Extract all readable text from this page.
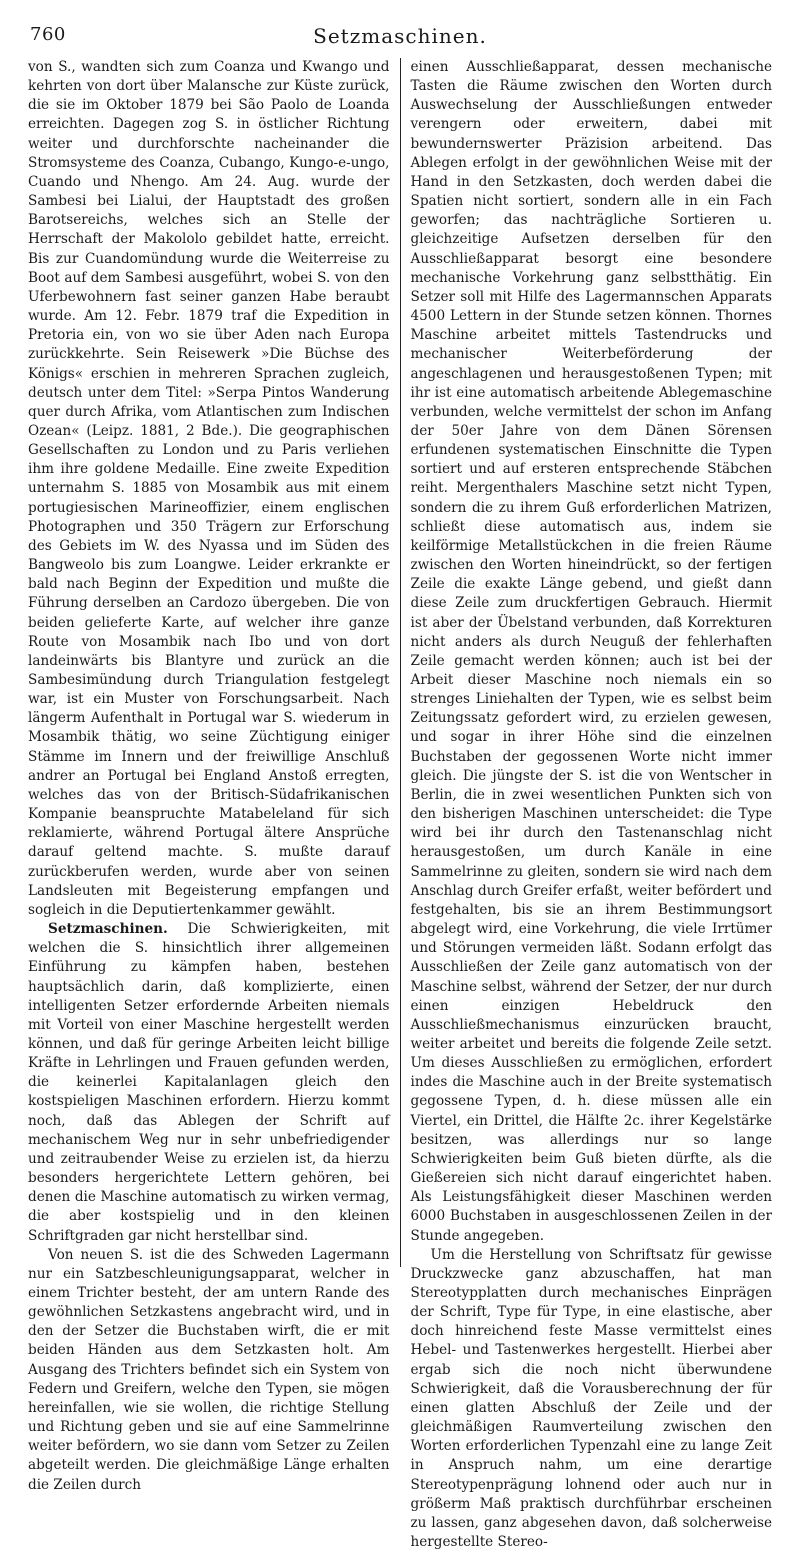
760	Setzmaschinen.

von S., wandten sich zum Coanza und Kwango und kehrten von dort über Malansche zur Küste zurück, die sie im Oktober 1879 bei São Paolo de Loanda erreichten. Dagegen zog S. in östlicher Richtung weiter und durchforschte nacheinander die Stromsysteme des Coanza, Cubango, Kungo-e-ungo, Cuando und Nhengo. Am 24. Aug. wurde der Sambesi bei Lialui, der Hauptstadt des großen Barotsereichs, welches sich an Stelle der Herrschaft der Makololo gebildet hatte, erreicht. Bis zur Cuandomündung wurde die Weiterreise zu Boot auf dem Sambesi ausgeführt, wobei S. von den Uferbewohnern fast seiner ganzen Habe beraubt wurde. Am 12. Febr. 1879 traf die Expedition in Pretoria ein, von wo sie über Aden nach Europa zurückkehrte. Sein Reisewerk »Die Büchse des Königs« erschien in mehreren Sprachen zugleich, deutsch unter dem Titel: »Serpa Pintos Wanderung quer durch Afrika, vom Atlantischen zum Indischen Ozean« (Leipz. 1881, 2 Bde.). Die geographischen Gesellschaften zu London und zu Paris verliehen ihm ihre goldene Medaille. Eine zweite Expedition unternahm S. 1885 von Mosambik aus mit einem portugiesischen Marineoffizier, einem englischen Photographen und 350 Trägern zur Erforschung des Gebiets im W. des Nyassa und im Süden des Bangweolo bis zum Loangwe. Leider erkrankte er bald nach Beginn der Expedition und mußte die Führung derselben an Cardozo übergeben. Die von beiden gelieferte Karte, auf welcher ihre ganze Route von Mosambik nach Ibo und von dort landeinwärts bis Blantyre und zurück an die Sambesimündung durch Triangulation festgelegt war, ist ein Muster von Forschungsarbeit. Nach längerm Aufenthalt in Portugal war S. wiederum in Mosambik thätig, wo seine Züchtigung einiger Stämme im Innern und der freiwillige Anschluß andrer an Portugal bei England Anstoß erregten, welches das von der Britisch-Südafrikanischen Kompanie beanspruchte Matabeleland für sich reklamierte, während Portugal ältere Ansprüche darauf geltend machte. S. mußte darauf zurückberufen werden, wurde aber von seinen Landsleuten mit Begeisterung empfangen und sogleich in die Deputiertenkammer gewählt.

Setzmaschinen. Die Schwierigkeiten, mit welchen die S. hinsichtlich ihrer allgemeinen Einführung zu kämpfen haben, bestehen hauptsächlich darin, daß komplizierte, einen intelligenten Setzer erfordernde Arbeiten niemals mit Vorteil von einer Maschine hergestellt werden können, und daß für geringe Arbeiten leicht billige Kräfte in Lehrlingen und Frauen gefunden werden, die keinerlei Kapitalanlagen gleich den kostspieligen Maschinen erfordern. Hierzu kommt noch, daß das Ablegen der Schrift auf mechanischem Weg nur in sehr unbefriedigender und zeitraubender Weise zu erzielen ist, da hierzu besonders hergerichtete Lettern gehören, bei denen die Maschine automatisch zu wirken vermag, die aber kostspielig und in den kleinen Schriftgraden gar nicht herstellbar sind.

Von neuen S. ist die des Schweden Lagermann nur ein Satzbeschleunigungsapparat, welcher in einem Trichter besteht, der am untern Rande des gewöhnlichen Setzkastens angebracht wird, und in den der Setzer die Buchstaben wirft, die er mit beiden Händen aus dem Setzkasten holt. Am Ausgang des Trichters befindet sich ein System von Federn und Greifern, welche den Typen, sie mögen hereinfallen, wie sie wollen, die richtige Stellung und Richtung geben und sie auf eine Sammelrinne weiter befördern, wo sie dann vom Setzer zu Zeilen abgeteilt werden. Die gleichmäßige Länge erhalten die Zeilen durch

einen Ausschließapparat, dessen mechanische Tasten die Räume zwischen den Worten durch Auswechselung der Ausschließungen entweder verengern oder erweitern, dabei mit bewundernswerter Präzision arbeitend. Das Ablegen erfolgt in der gewöhnlichen Weise mit der Hand in den Setzkasten, doch werden dabei die Spatien nicht sortiert, sondern alle in ein Fach geworfen; das nachträgliche Sortieren u. gleichzeitige Aufsetzen derselben für den Ausschließapparat besorgt eine besondere mechanische Vorkehrung ganz selbstthätig. Ein Setzer soll mit Hilfe des Lagermannschen Apparats 4500 Lettern in der Stunde setzen können. Thornes Maschine arbeitet mittels Tastendrucks und mechanischer Weiterbeförderung der angeschlagenen und herausgestoßenen Typen; mit ihr ist eine automatisch arbeitende Ablegemaschine verbunden, welche vermittelst der schon im Anfang der 50er Jahre von dem Dänen Sörensen erfundenen systematischen Einschnitte die Typen sortiert und auf ersteren entsprechende Stäbchen reiht. Mergenthalers Maschine setzt nicht Typen, sondern die zu ihrem Guß erforderlichen Matrizen, schließt diese automatisch aus, indem sie keilförmige Metallstückchen in die freien Räume zwischen den Worten hineindrückt, so der fertigen Zeile die exakte Länge gebend, und gießt dann diese Zeile zum druckfertigen Gebrauch. Hiermit ist aber der Übelstand verbunden, daß Korrekturen nicht anders als durch Neuguß der fehlerhaften Zeile gemacht werden können; auch ist bei der Arbeit dieser Maschine noch niemals ein so strenges Liniehalten der Typen, wie es selbst beim Zeitungssatz gefordert wird, zu erzielen gewesen, und sogar in ihrer Höhe sind die einzelnen Buchstaben der gegossenen Worte nicht immer gleich. Die jüngste der S. ist die von Wentscher in Berlin, die in zwei wesentlichen Punkten sich von den bisherigen Maschinen unterscheidet: die Type wird bei ihr durch den Tastenanschlag nicht herausgestoßen, um durch Kanäle in eine Sammelrinne zu gleiten, sondern sie wird nach dem Anschlag durch Greifer erfaßt, weiter befördert und festgehalten, bis sie an ihrem Bestimmungsort abgelegt wird, eine Vorkehrung, die viele Irrtümer und Störungen vermeiden läßt. Sodann erfolgt das Ausschließen der Zeile ganz automatisch von der Maschine selbst, während der Setzer, der nur durch einen einzigen Hebeldruck den Ausschließmechanismus einzurücken braucht, weiter arbeitet und bereits die folgende Zeile setzt. Um dieses Ausschließen zu ermöglichen, erfordert indes die Maschine auch in der Breite systematisch gegossene Typen, d. h. diese müssen alle ein Viertel, ein Drittel, die Hälfte 2c. ihrer Kegelstärke besitzen, was allerdings nur so lange Schwierigkeiten beim Guß bieten dürfte, als die Gießereien sich nicht darauf eingerichtet haben. Als Leistungsfähigkeit dieser Maschinen werden 6000 Buchstaben in ausgeschlossenen Zeilen in der Stunde angegeben.

Um die Herstellung von Schriftsatz für gewisse Druckzwecke ganz abzuschaffen, hat man Stereotypplatten durch mechanisches Einprägen der Schrift, Type für Type, in eine elastische, aber doch hinreichend feste Masse vermittelst eines Hebel- und Tastenwerkes hergestellt. Hierbei aber ergab sich die noch nicht überwundene Schwierigkeit, daß die Vorausberechnung der für einen glatten Abschluß der Zeile und der gleichmäßigen Raumverteilung zwischen den Worten erforderlichen Typenzahl eine zu lange Zeit in Anspruch nahm, um eine derartige Stereotypenprägung lohnend oder auch nur in größerm Maß praktisch durchführbar erscheinen zu lassen, ganz abgesehen davon, daß solcherweise hergestellte Stereo-
